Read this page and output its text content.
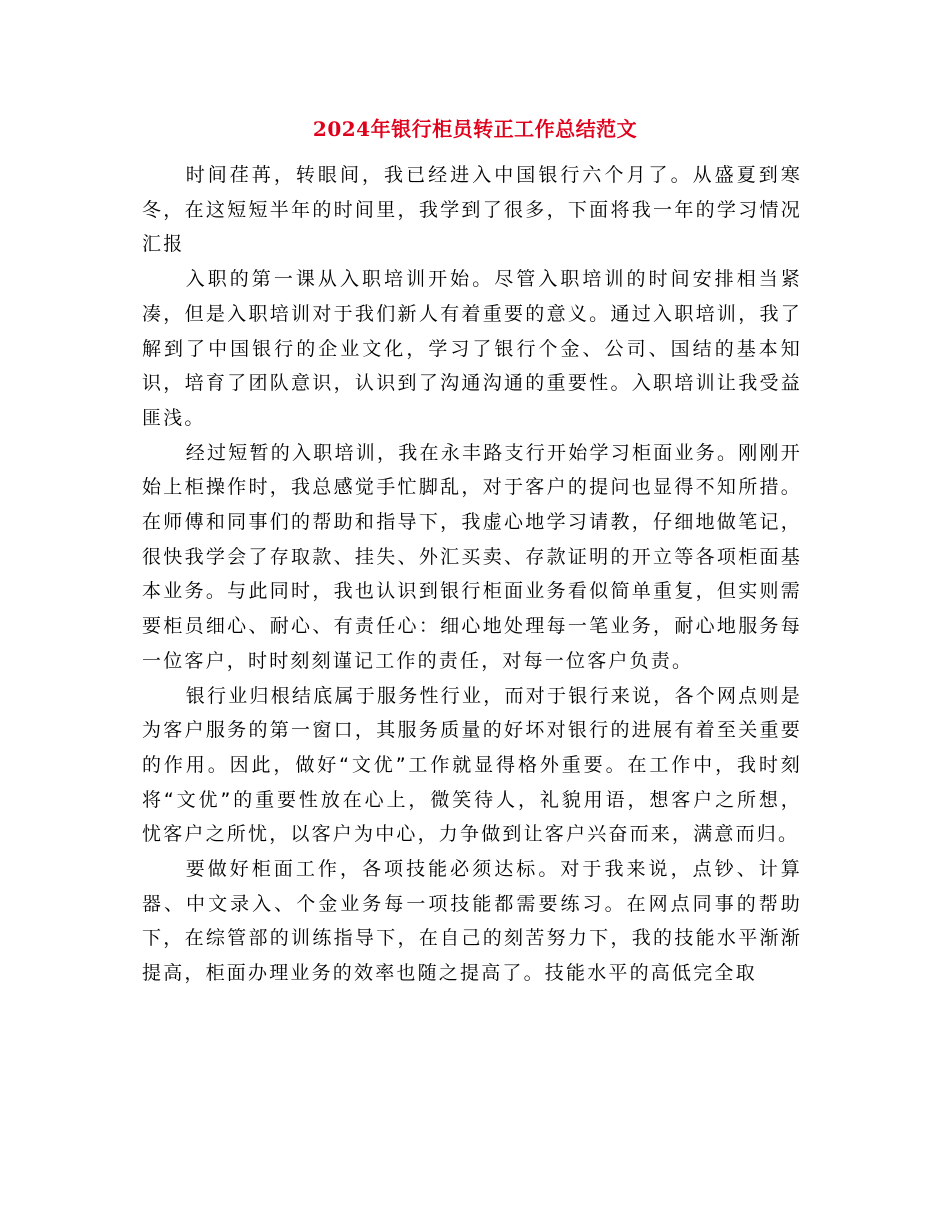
2024年银行柜员转正工作总结范文

时间荏苒，转眼间，我已经进入中国银行六个月了。从盛夏到寒冬，在这短短半年的时间里，我学到了很多，下面将我一年的学习情况汇报

入职的第一课从入职培训开始。尽管入职培训的时间安排相当紧凑，但是入职培训对于我们新人有着重要的意义。通过入职培训，我了解到了中国银行的企业文化，学习了银行个金、公司、国结的基本知识，培育了团队意识，认识到了沟通沟通的重要性。入职培训让我受益匪浅。

经过短暂的入职培训，我在永丰路支行开始学习柜面业务。刚刚开始上柜操作时，我总感觉手忙脚乱，对于客户的提问也显得不知所措。在师傅和同事们的帮助和指导下，我虚心地学习请教，仔细地做笔记，很快我学会了存取款、挂失、外汇买卖、存款证明的开立等各项柜面基本业务。与此同时，我也认识到银行柜面业务看似简单重复，但实则需要柜员细心、耐心、有责任心：细心地处理每一笔业务，耐心地服务每一位客户，时时刻刻谨记工作的责任，对每一位客户负责。

银行业归根结底属于服务性行业，而对于银行来说，各个网点则是为客户服务的第一窗口，其服务质量的好坏对银行的进展有着至关重要的作用。因此，做好“文优”工作就显得格外重要。在工作中，我时刻将“文优”的重要性放在心上，微笑待人，礼貌用语，想客户之所想，忧客户之所忧，以客户为中心，力争做到让客户兴奋而来，满意而归。

要做好柜面工作，各项技能必须达标。对于我来说，点钞、计算器、中文录入、个金业务每一项技能都需要练习。在网点同事的帮助下，在综管部的训练指导下，在自己的刻苦努力下，我的技能水平渐渐提高，柜面办理业务的效率也随之提高了。技能水平的高低完全取
